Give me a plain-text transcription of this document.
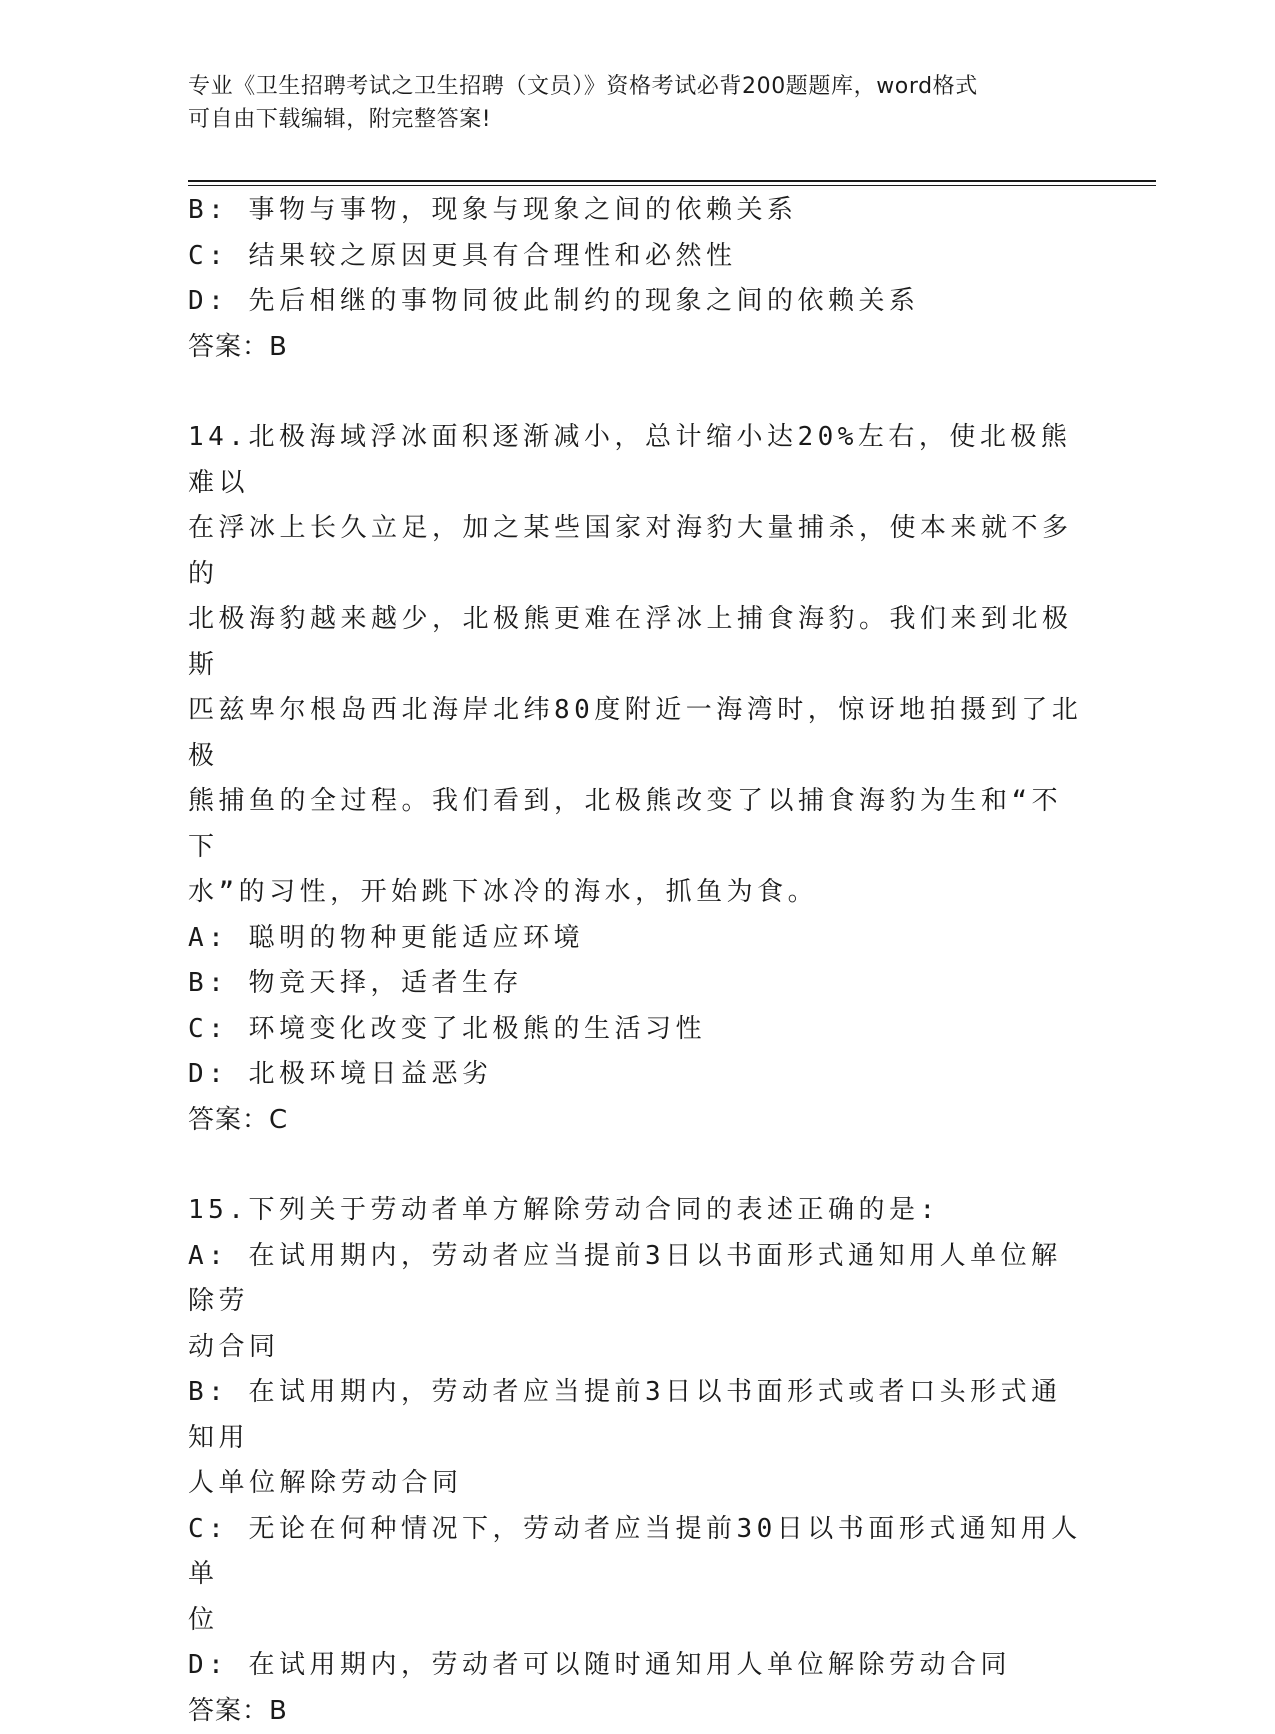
专业《卫生招聘考试之卫生招聘（文员）》资格考试必背200题题库，word格式
可自由下载编辑，附完整答案!
B: 事物与事物，现象与现象之间的依赖关系
C: 结果较之原因更具有合理性和必然性
D: 先后相继的事物同彼此制约的现象之间的依赖关系
答案：B
14.北极海域浮冰面积逐渐减小，总计缩小达20%左右，使北极熊难以
在浮冰上长久立足，加之某些国家对海豹大量捕杀，使本来就不多的
北极海豹越来越少，北极熊更难在浮冰上捕食海豹。我们来到北极斯
匹兹卑尔根岛西北海岸北纬80度附近一海湾时，惊讶地拍摄到了北极
熊捕鱼的全过程。我们看到，北极熊改变了以捕食海豹为生和“不下
水”的习性，开始跳下冰冷的海水，抓鱼为食。
A: 聪明的物种更能适应环境
B: 物竞天择，适者生存
C: 环境变化改变了北极熊的生活习性
D: 北极环境日益恶劣
答案：C
15.下列关于劳动者单方解除劳动合同的表述正确的是:
A: 在试用期内，劳动者应当提前3日以书面形式通知用人单位解除劳
动合同
B: 在试用期内，劳动者应当提前3日以书面形式或者口头形式通知用
人单位解除劳动合同
C: 无论在何种情况下，劳动者应当提前30日以书面形式通知用人单
位
D: 在试用期内，劳动者可以随时通知用人单位解除劳动合同
答案：B
